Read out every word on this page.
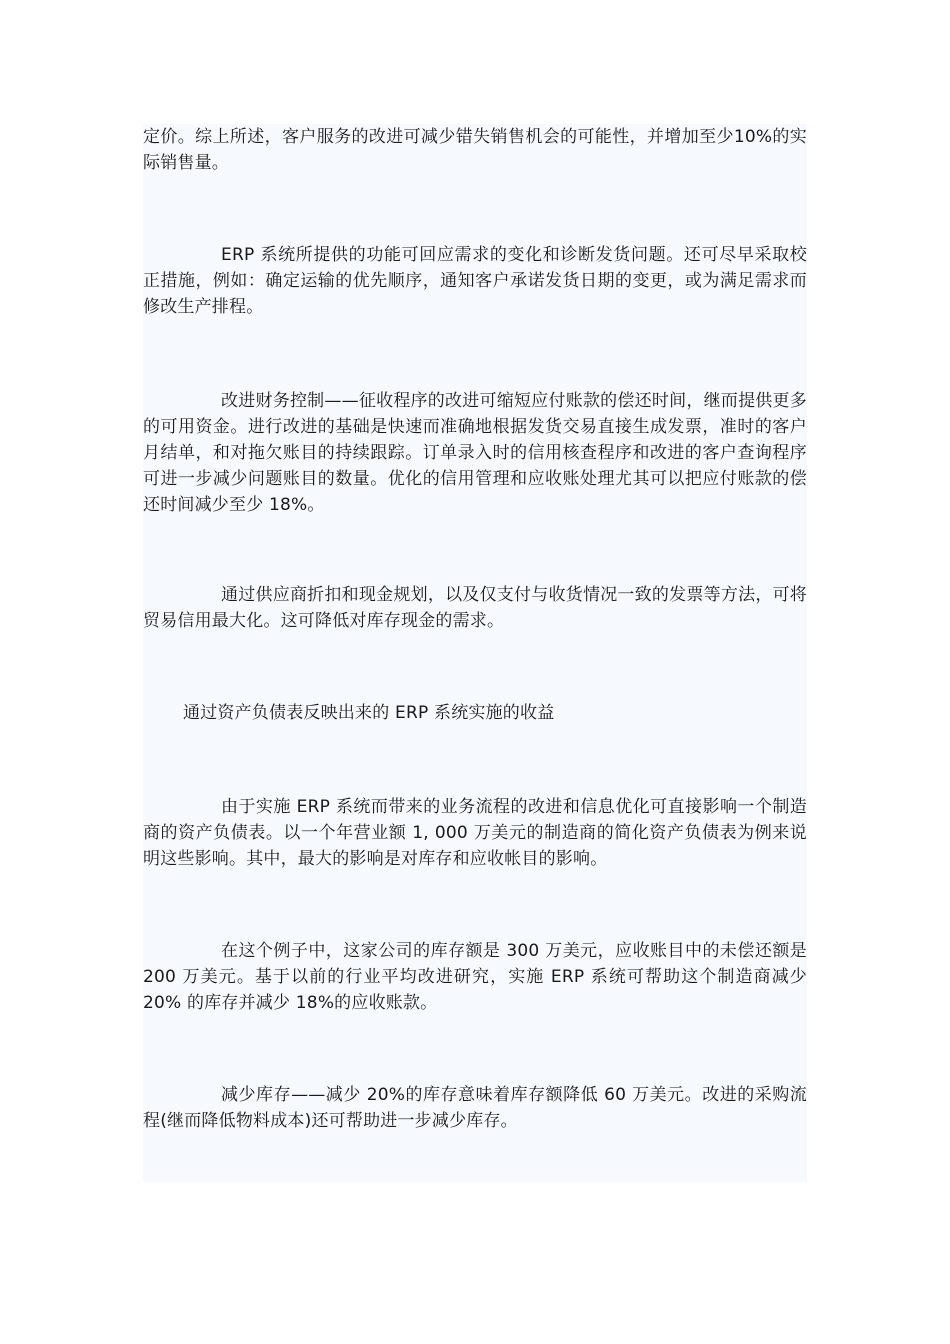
定价。综上所述，客户服务的改进可减少错失销售机会的可能性，并增加至少10%的实际销售量。

ERP 系统所提供的功能可回应需求的变化和诊断发货问题。还可尽早采取校正措施，例如：确定运输的优先顺序，通知客户承诺发货日期的变更，或为满足需求而修改生产排程。

改进财务控制——征收程序的改进可缩短应付账款的偿还时间，继而提供更多的可用资金。进行改进的基础是快速而准确地根据发货交易直接生成发票，准时的客户月结单，和对拖欠账目的持续跟踪。订单录入时的信用核查程序和改进的客户查询程序可进一步减少问题账目的数量。优化的信用管理和应收账处理尤其可以把应付账款的偿还时间减少至少 18%。

通过供应商折扣和现金规划，以及仅支付与收货情况一致的发票等方法，可将贸易信用最大化。这可降低对库存现金的需求。

通过资产负债表反映出来的 ERP 系统实施的收益

由于实施 ERP 系统而带来的业务流程的改进和信息优化可直接影响一个制造商的资产负债表。以一个年营业额 1, 000 万美元的制造商的简化资产负债表为例来说明这些影响。其中，最大的影响是对库存和应收帐目的影响。

在这个例子中，这家公司的库存额是 300 万美元，应收账目中的未偿还额是 200 万美元。基于以前的行业平均改进研究，实施 ERP 系统可帮助这个制造商减少 20% 的库存并减少 18%的应收账款。

减少库存——减少 20%的库存意味着库存额降低 60 万美元。改进的采购流程(继而降低物料成本)还可帮助进一步减少库存。
